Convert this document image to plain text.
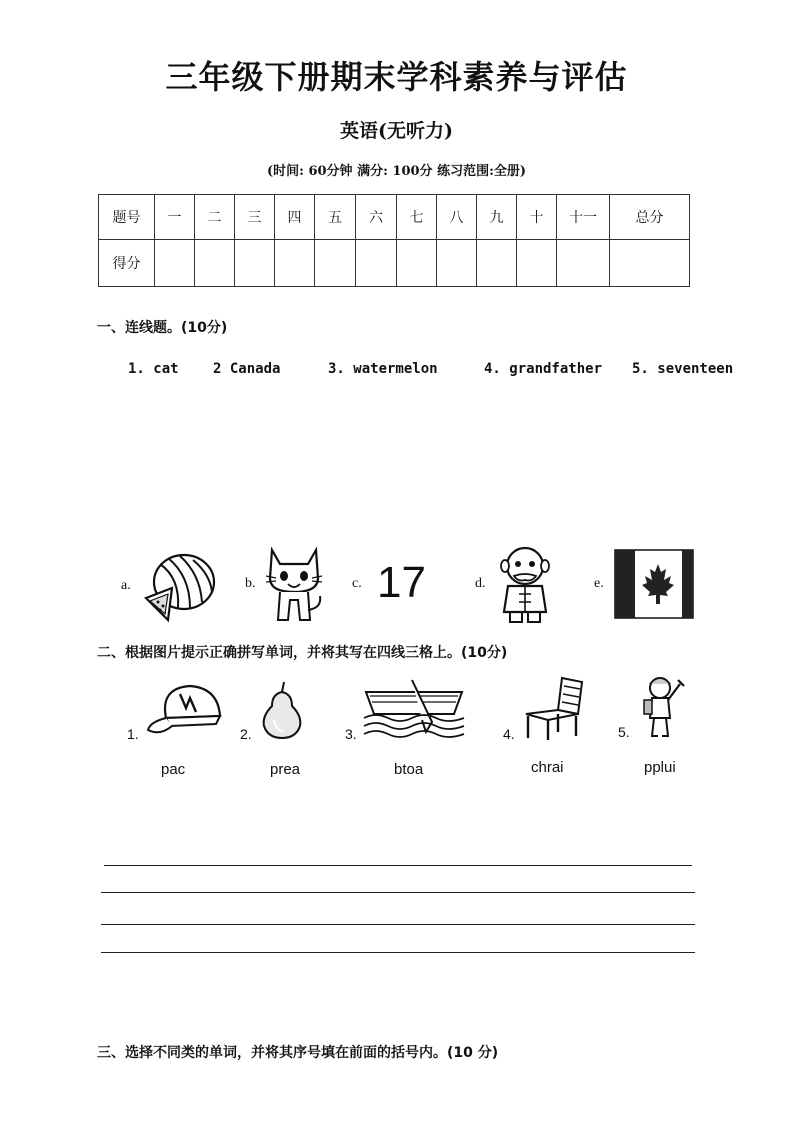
三年级下册期末学科素养与评估
英语(无听力)
(时间: 60分钟 满分: 100分 练习范围:全册)
题号	一	二	三	四	五	六	七	八	九	十	十一	总分
得分												
一、连线题。(10分)
1. cat 2 Canada	3. watermelon	4. grandfather 5. seventeen
a.	b.	c. 17	d.	e.
二、根据图片提示正确拼写单词，并将其写在四线三格上。(10分)
1.
pac
2.
prea
3.
btoa
4.
chrai
5.
pplui
三、选择不同类的单词，并将其序号填在前面的括号内。(10 分)
